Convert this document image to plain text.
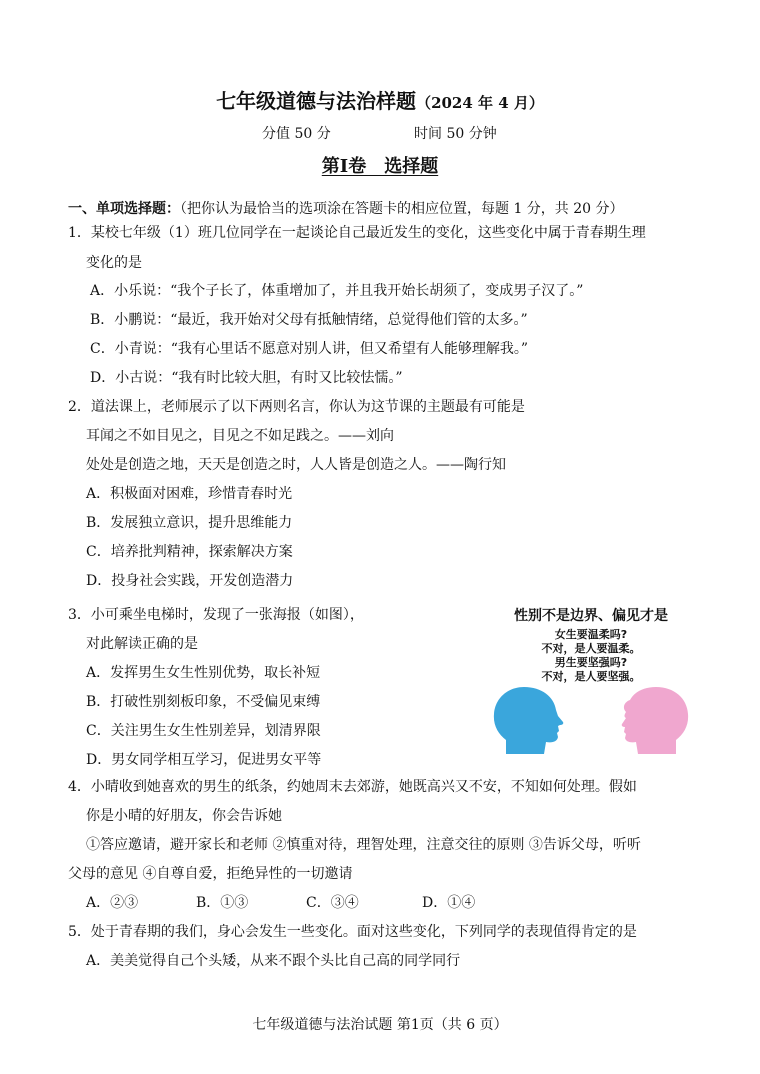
七年级道德与法治样题（2024 年 4 月）
分值 50 分	时间 50 分钟
第Ⅰ卷　选择题
一、单项选择题：（把你认为最恰当的选项涂在答题卡的相应位置，每题 1 分，共 20 分）
1．某校七年级（1）班几位同学在一起谈论自己最近发生的变化，这些变化中属于青春期生理
变化的是
A．小乐说：“我个子长了，体重增加了，并且我开始长胡须了，变成男子汉了。”
B．小鹏说：“最近，我开始对父母有抵触情绪，总觉得他们管的太多。”
C．小青说：“我有心里话不愿意对别人讲，但又希望有人能够理解我。”
D．小古说：“我有时比较大胆，有时又比较怯懦。”
2．道法课上，老师展示了以下两则名言，你认为这节课的主题最有可能是
耳闻之不如目见之，目见之不如足践之。——刘向
处处是创造之地，天天是创造之时，人人皆是创造之人。——陶行知
A．积极面对困难，珍惜青春时光
B．发展独立意识，提升思维能力
C．培养批判精神，探索解决方案
D．投身社会实践，开发创造潜力
3．小可乘坐电梯时，发现了一张海报（如图），
对此解读正确的是
A．发挥男生女生性别优势，取长补短
B．打破性别刻板印象，不受偏见束缚
C．关注男生女生性别差异，划清界限
D．男女同学相互学习，促进男女平等
性别不是边界、偏见才是
女生要温柔吗?
不对，是人要温柔。
男生要坚强吗?
不对，是人要坚强。
4．小晴收到她喜欢的男生的纸条，约她周末去郊游，她既高兴又不安，不知如何处理。假如
你是小晴的好朋友，你会告诉她
①答应邀请，避开家长和老师 ②慎重对待，理智处理，注意交往的原则 ③告诉父母，听听
父母的意见 ④自尊自爱，拒绝异性的一切邀请
A．②③	B．①③	C．③④	D．①④
5．处于青春期的我们，身心会发生一些变化。面对这些变化，下列同学的表现值得肯定的是
A．美美觉得自己个头矮，从来不跟个头比自己高的同学同行
七年级道德与法治试题 第1页（共 6 页）
